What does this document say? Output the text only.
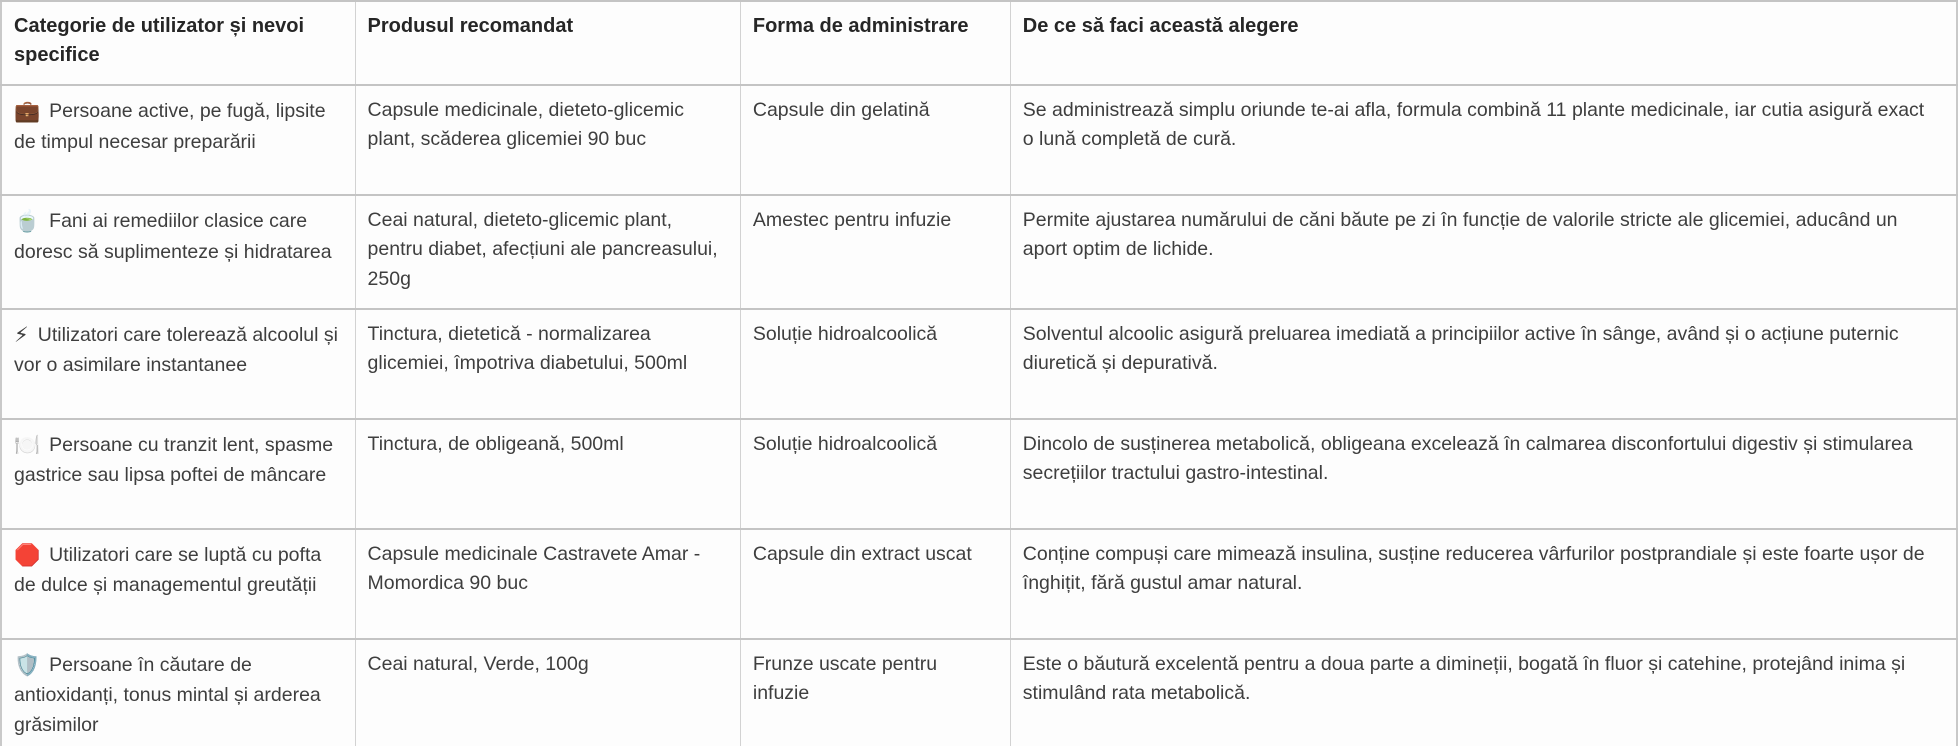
Categorie de utilizator și nevoi specifice	Produsul recomandat	Forma de administrare	De ce să faci această alegere
💼 Persoane active, pe fugă, lipsite de timpul necesar preparării	Capsule medicinale, dieteto-glicemic plant, scăderea glicemiei 90 buc	Capsule din gelatină	Se administrează simplu oriunde te-ai afla, formula combină 11 plante medicinale, iar cutia asigură exact o lună completă de cură.
🍵 Fani ai remediilor clasice care doresc să suplimenteze și hidratarea	Ceai natural, dieteto-glicemic plant, pentru diabet, afecțiuni ale pancreasului, 250g	Amestec pentru infuzie	Permite ajustarea numărului de căni băute pe zi în funcție de valorile stricte ale glicemiei, aducând un aport optim de lichide.
⚡ Utilizatori care tolerează alcoolul și vor o asimilare instantanee	Tinctura, dietetică - normalizarea glicemiei, împotriva diabetului, 500ml	Soluție hidroalcoolică	Solventul alcoolic asigură preluarea imediată a principiilor active în sânge, având și o acțiune puternic diuretică și depurativă.
🍽️ Persoane cu tranzit lent, spasme gastrice sau lipsa poftei de mâncare	Tinctura, de obligeană, 500ml	Soluție hidroalcoolică	Dincolo de susținerea metabolică, obligeana excelează în calmarea disconfortului digestiv și stimularea secrețiilor tractului gastro-intestinal.
🛑 Utilizatori care se luptă cu pofta de dulce și managementul greutății	Capsule medicinale Castravete Amar - Momordica 90 buc	Capsule din extract uscat	Conține compuși care mimează insulina, susține reducerea vârfurilor postprandiale și este foarte ușor de înghițit, fără gustul amar natural.
🛡️ Persoane în căutare de antioxidanți, tonus mintal și arderea grăsimilor	Ceai natural, Verde, 100g	Frunze uscate pentru infuzie	Este o băutură excelentă pentru a doua parte a dimineții, bogată în fluor și catehine, protejând inima și stimulând rata metabolică.
